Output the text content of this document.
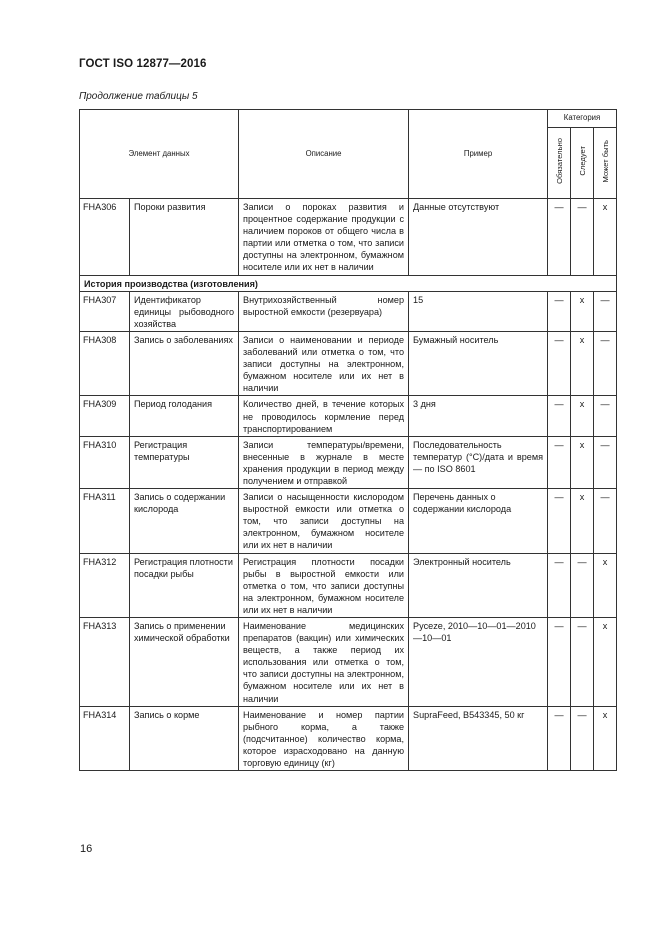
ГОСТ ISO 12877—2016
Продолжение таблицы 5
Элемент данных		Описание	Пример	Категория		
				Обязательно	Следует	Может быть
FHA306	Пороки развития	Записи о пороках развития и процентное содержание продукции с наличием пороков от общего числа в партии или отметка о том, что записи доступны на электронном, бумажном носителе или их нет в наличии	Данные отсутствуют	—	—	х
История производства (изготовления)						
FHA307	Идентификатор единицы рыбоводного хозяйства	Внутрихозяйственный номер выростной емкости (резервуара)	15	—	х	—
FHA308	Запись о заболеваниях	Записи о наименовании и периоде заболеваний или отметка о том, что записи доступны на электронном, бумажном носителе или их нет в наличии	Бумажный носитель	—	х	—
FHA309	Период голодания	Количество дней, в течение которых не проводилось кормление перед транспортированием	3 дня	—	х	—
FHA310	Регистрация температуры	Записи температуры/времени, внесенные в журнале в месте хранения продукции в период между получением и отправкой	Последовательность температур (°С)/дата и время — по ISO 8601	—	х	—
FHA311	Запись о содержании кислорода	Записи о насыщенности кислородом выростной емкости или отметка о том, что записи доступны на электронном, бумажном носителе или их нет в наличии	Перечень данных о содержании кислорода	—	х	—
FHA312	Регистрация плотности посадки рыбы	Регистрация плотности посадки рыбы в выростной емкости или отметка о том, что записи доступны на электронном, бумажном носителе или их нет в наличии	Электронный носитель	—	—	х
FHA313	Запись о применении химической обработки	Наименование медицинских препаратов (вакцин) или химических веществ, а также период их использования или отметка о том, что записи доступны на электронном, бумажном носителе или их нет в наличии	Pyceze, 2010—10—01—2010—10—01	—	—	х
FHA314	Запись о корме	Наименование и номер партии рыбного корма, а также (подсчитанное) количество корма, которое израсходовано на данную торговую единицу (кг)	SupraFeed, B543345, 50 кг	—	—	х
16
